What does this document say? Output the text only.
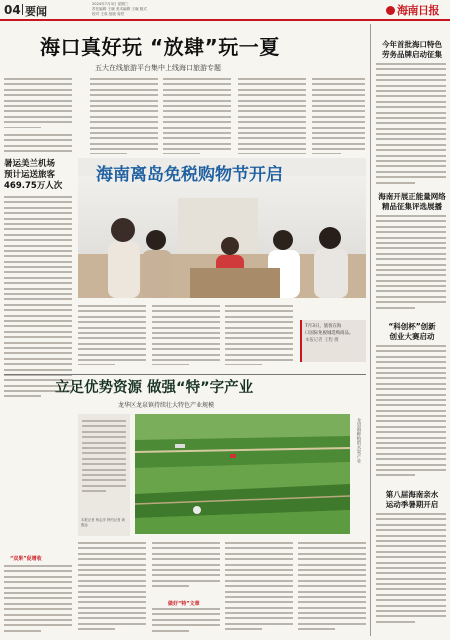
04 要闻
2024年7月3日 星期三
责任编辑 王晓 美术编辑 王晓 版式
校对 王成 组版 周哲	海南日报
海口真好玩 “放肆”玩一夏
五大在线旅游平台集中上线海口旅游专题
暑运美兰机场
预计运送旅客
469.75万人次
海南离岛免税购物节开启
7月3日，旅客在海
口国际免税城选购商品。
本报记者 王程 摄
今年首批海口特色
劳务品牌启动征集
海南开展正能量网络
精品征集评选展播
“科创杯”创新
创业大赛启动
第八届海南亲水
运动季暑期开启
立足优势资源 做强“特”字产业
龙华区龙泉镇持续壮大特色产业规模
本报记者 杨志彦 特约记者 黄甄远
龙泉镇种植的水果产业
做好“特”文章
“双果”促增收
